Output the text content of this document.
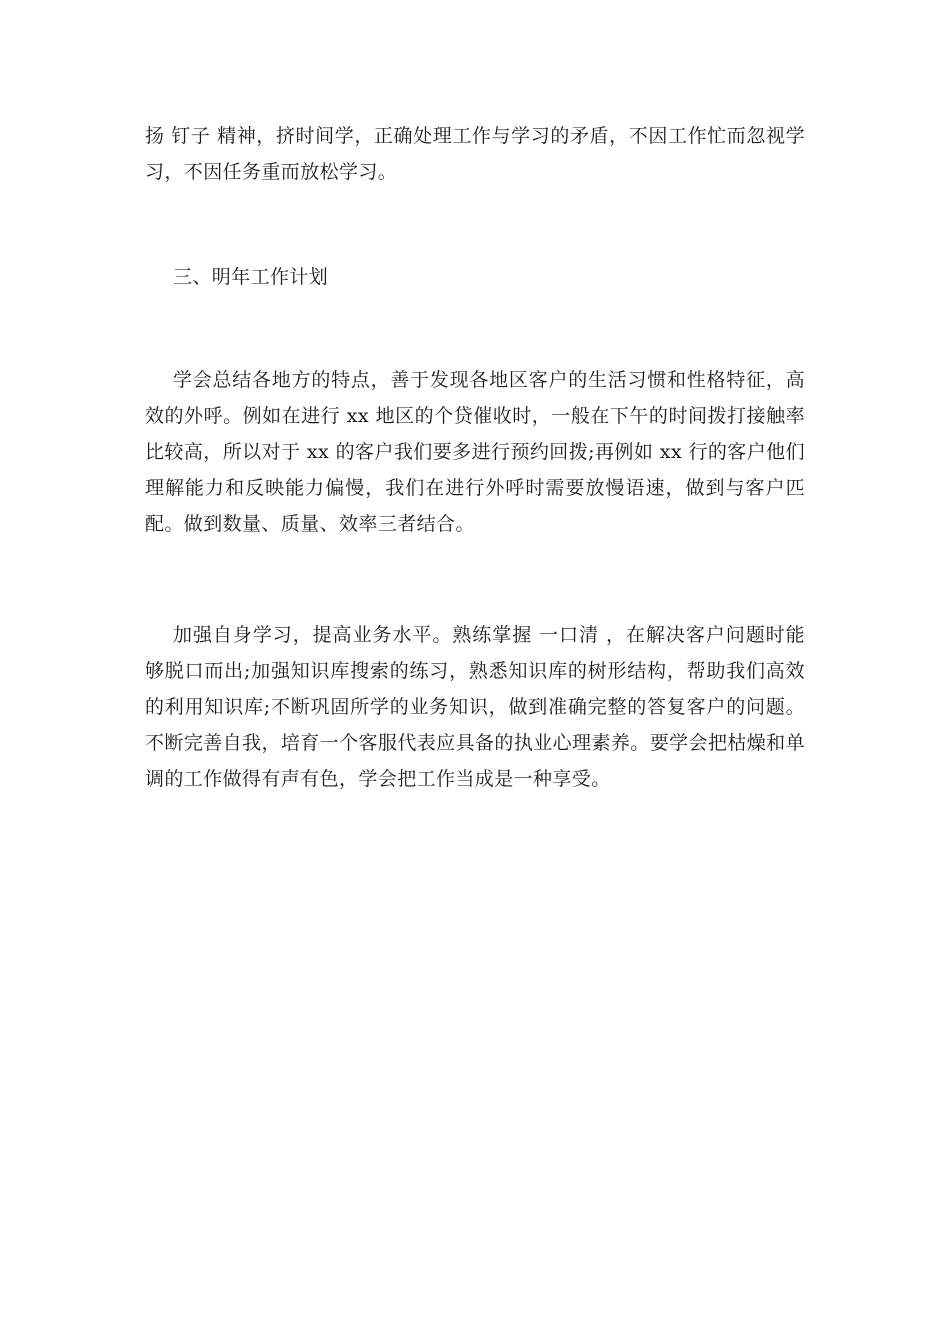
扬 钉子 精神，挤时间学，正确处理工作与学习的矛盾，不因工作忙而忽视学习，不因任务重而放松学习。

三、明年工作计划

学会总结各地方的特点，善于发现各地区客户的生活习惯和性格特征，高效的外呼。例如在进行 xx 地区的个贷催收时，一般在下午的时间拨打接触率比较高，所以对于 xx 的客户我们要多进行预约回拨;再例如 xx 行的客户他们理解能力和反映能力偏慢，我们在进行外呼时需要放慢语速，做到与客户匹配。做到数量、质量、效率三者结合。

加强自身学习，提高业务水平。熟练掌握 一口清 ，在解决客户问题时能够脱口而出;加强知识库搜索的练习，熟悉知识库的树形结构，帮助我们高效的利用知识库;不断巩固所学的业务知识，做到准确完整的答复客户的问题。不断完善自我，培育一个客服代表应具备的执业心理素养。要学会把枯燥和单调的工作做得有声有色，学会把工作当成是一种享受。
